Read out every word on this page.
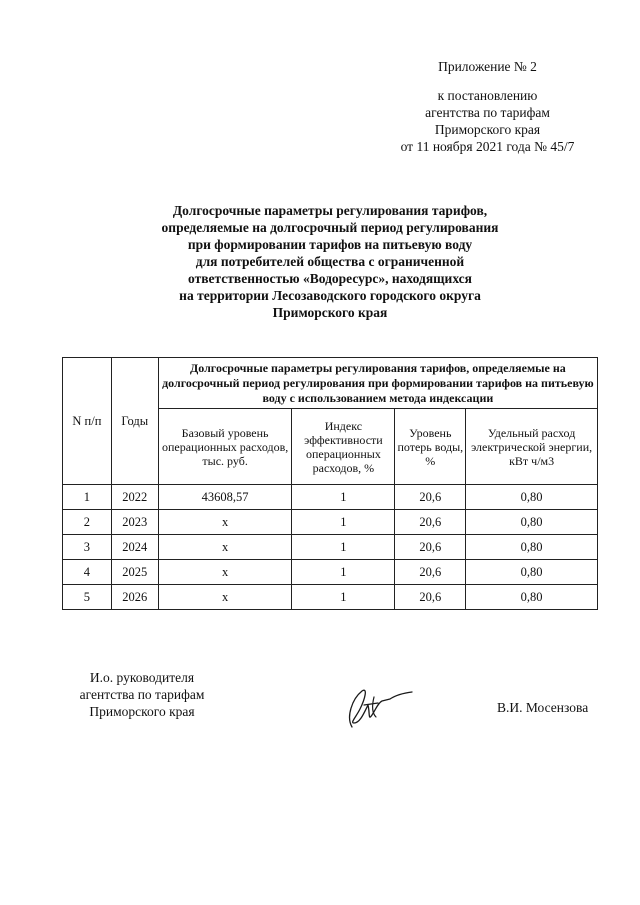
Приложение № 2
к постановлению
агентства по тарифам
Приморского края
от 11 ноября 2021 года № 45/7
Долгосрочные параметры регулирования тарифов,
определяемые на долгосрочный период регулирования
при формировании тарифов на питьевую воду
для потребителей общества с ограниченной
ответственностью «Водоресурс», находящихся
на территории Лесозаводского городского округа
Приморского края
N п/п	Годы	Долгосрочные параметры регулирования тарифов, определяемые на долгосрочный период регулирования при формировании тарифов на питьевую воду с использованием метода индексации			
		Базовый уровень операционных расходов, тыс. руб.	Индекс эффективности операционных расходов, %	Уровень потерь воды, %	Удельный расход электрической энергии, кВт ч/м3
1	2022	43608,57	1	20,6	0,80
2	2023	x	1	20,6	0,80
3	2024	x	1	20,6	0,80
4	2025	x	1	20,6	0,80
5	2026	x	1	20,6	0,80
И.о. руководителя
агентства по тарифам
Приморского края	В.И. Мосензова
